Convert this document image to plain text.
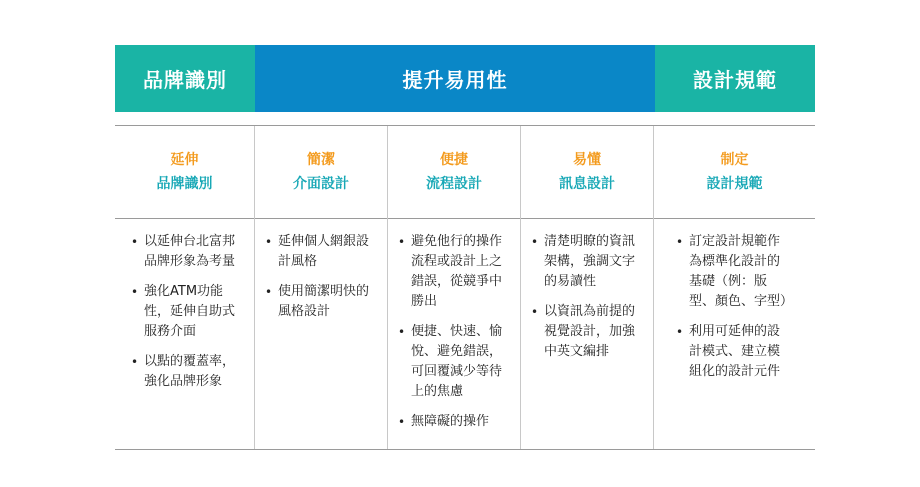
品牌識別	提升易用性	設計規範
延伸
品牌識別
• 以延伸台北富邦品牌形象為考量
• 強化ATM功能性，延伸自助式服務介面
• 以點的覆蓋率，強化品牌形象
簡潔
介面設計
• 延伸個人網銀設計風格
• 使用簡潔明快的風格設計
便捷
流程設計
• 避免他行的操作流程或設計上之錯誤，從競爭中勝出
• 便捷、快速、愉悅、避免錯誤，可回覆減少等待上的焦慮
• 無障礙的操作
易懂
訊息設計
• 清楚明瞭的資訊架構，強調文字的易讀性
• 以資訊為前提的視覺設計，加強中英文編排
制定
設計規範
• 訂定設計規範作為標準化設計的基礎（例：版型、顏色、字型）
• 利用可延伸的設計模式、建立模組化的設計元件
